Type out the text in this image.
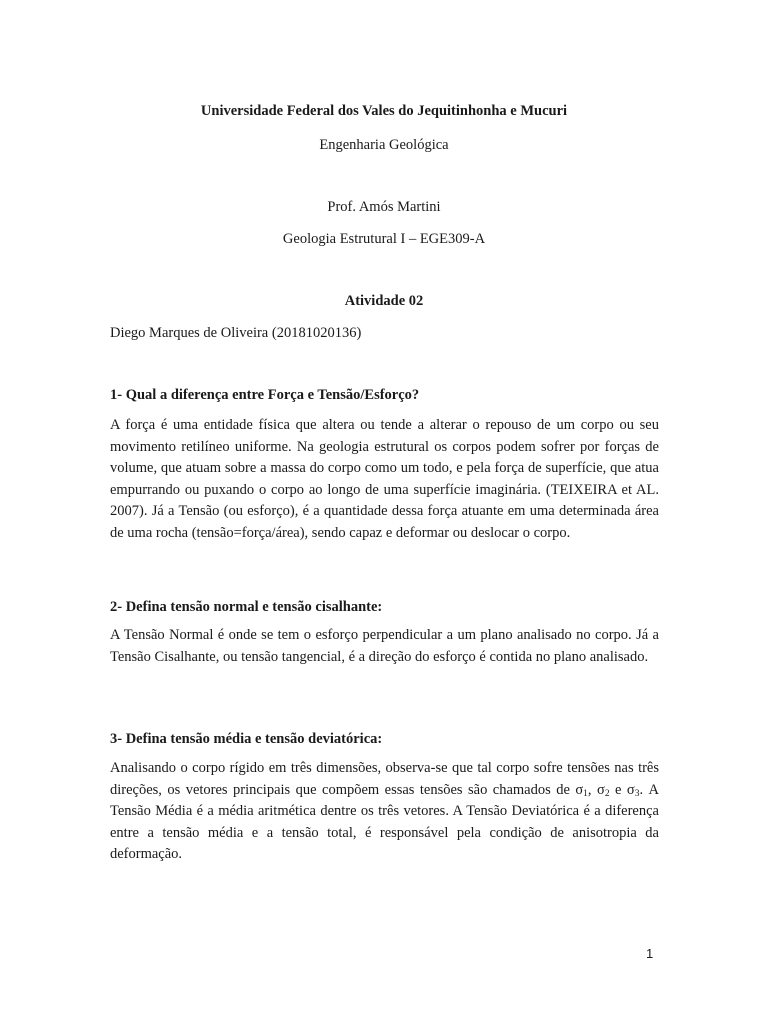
Universidade Federal dos Vales do Jequitinhonha e Mucuri
Engenharia Geológica
Prof. Amós Martini
Geologia Estrutural I – EGE309-A
Atividade 02
Diego Marques de Oliveira (20181020136)
1- Qual a diferença entre Força e Tensão/Esforço?
A força é uma entidade física que altera ou tende a alterar o repouso de um corpo ou seu movimento retilíneo uniforme. Na geologia estrutural os corpos podem sofrer por forças de volume, que atuam sobre a massa do corpo como um todo, e pela força de superfície, que atua empurrando ou puxando o corpo ao longo de uma superfície imaginária. (TEIXEIRA et AL. 2007). Já a Tensão (ou esforço), é a quantidade dessa força atuante em uma determinada área de uma rocha (tensão=força/área), sendo capaz e deformar ou deslocar o corpo.
2- Defina tensão normal e tensão cisalhante:
A Tensão Normal é onde se tem o esforço perpendicular a um plano analisado no corpo. Já a Tensão Cisalhante, ou tensão tangencial, é a direção do esforço é contida no plano analisado.
3- Defina tensão média e tensão deviatórica:
Analisando o corpo rígido em três dimensões, observa-se que tal corpo sofre tensões nas três direções, os vetores principais que compõem essas tensões são chamados de $\sigma_1$, $\sigma_2$ e $\sigma_3$. A Tensão Média é a média aritmética dentre os três vetores. A Tensão Deviatórica é a diferença entre a tensão média e a tensão total, é responsável pela condição de anisotropia da deformação.
1
